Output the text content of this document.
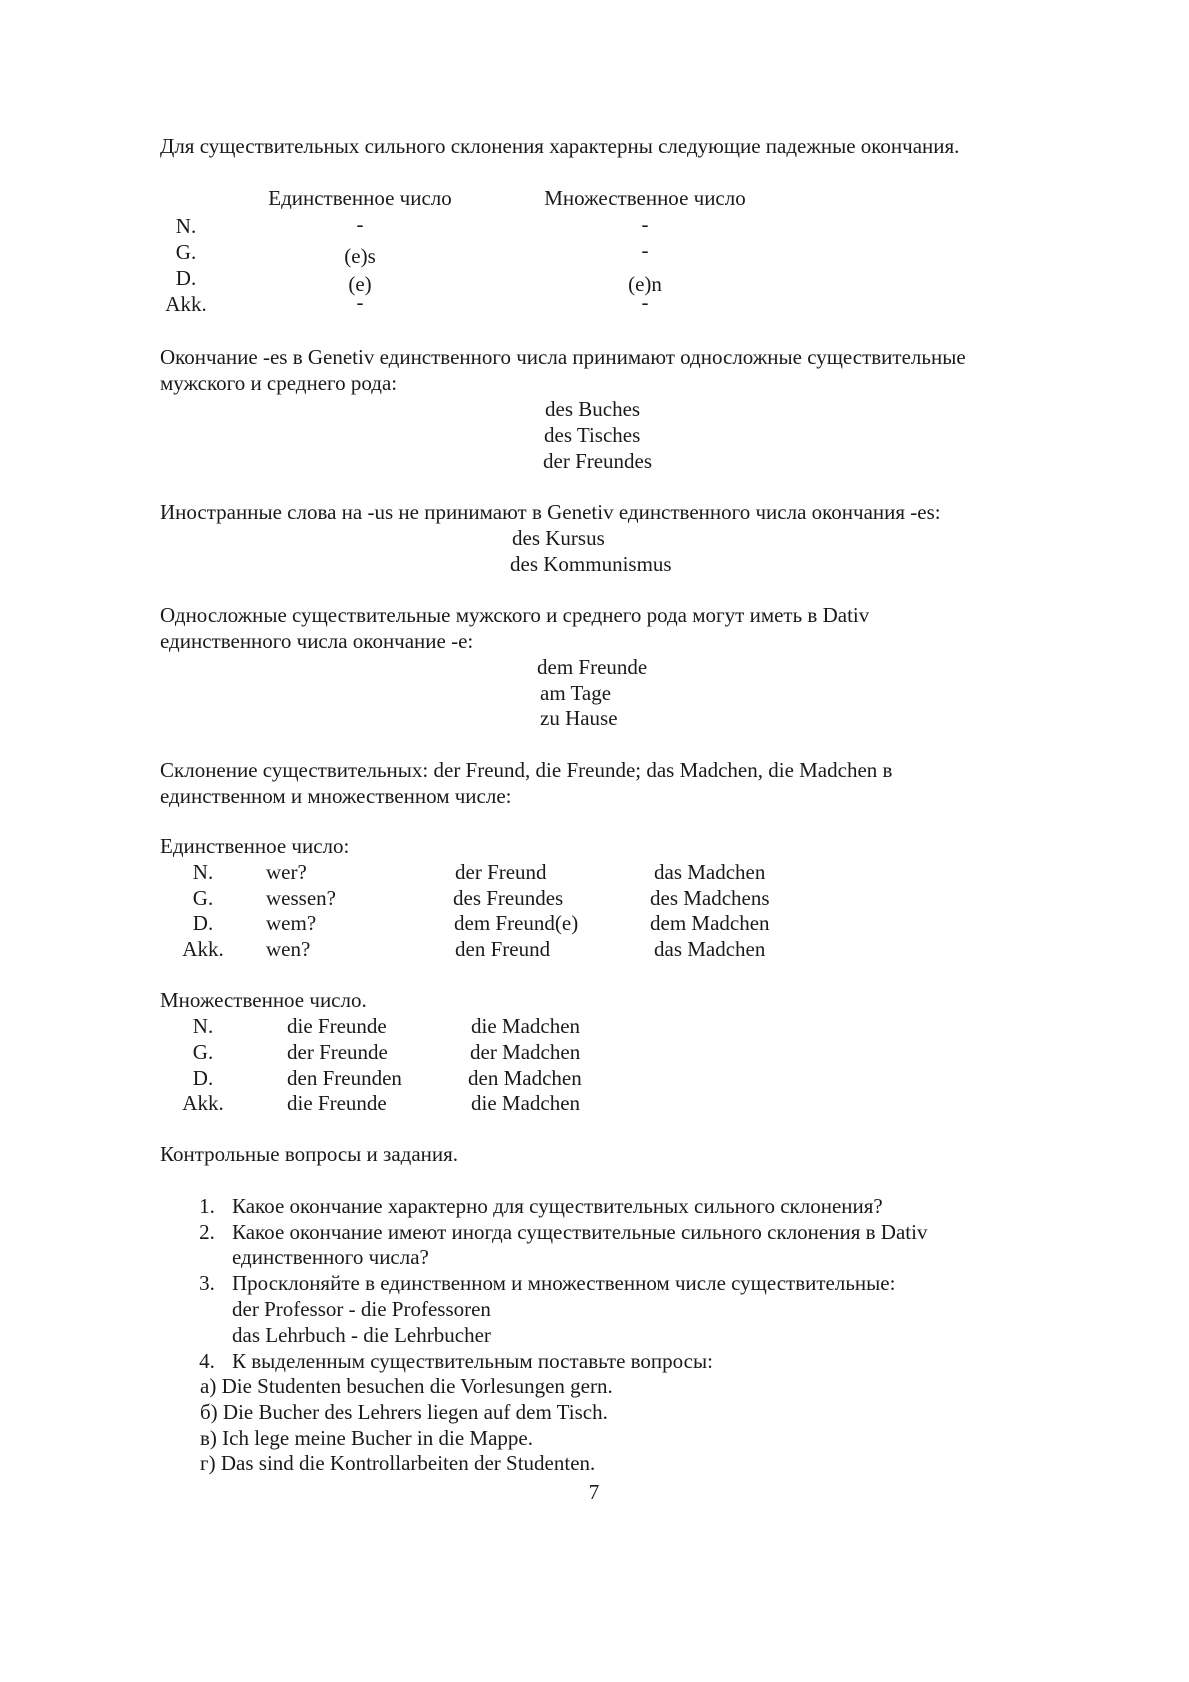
Для существительных сильного склонения характерны следующие падежные окончания.
Единственное число	Множественное число
N.	-	-
G.	(e)s	-
D.	(e)	(e)n
Akk.	-	-
Окончание -es в Genetiv единственного числа принимают односложные существительные
мужского и среднего рода:
des Buches
des Tisches
der Freundes
Иностранные слова на -us не принимают в Genetiv единственного числа окончания -es:
des Kursus
des Kommunismus
Односложные существительные мужского и среднего рода могут иметь в Dativ
единственного числа окончание -е:
dem Freunde
am Tage
zu Hause
Склонение существительных: der Freund, die Freunde; das Madchen, die Madchen в
единственном и множественном числе:
Единственное число:
N.	wer?	der Freund	das Madchen
G.	wessen?	des Freundes	des Madchens
D.	wem?	dem Freund(e)	dem Madchen
Akk. wen?	den Freund	das Madchen
Множественное число.
N.	die Freunde	die Madchen
G.	der Freunde	der Madchen
D.	den Freunden	den Madchen
Akk.	die Freunde	die Madchen
Контрольные вопросы и задания.
1. Какое окончание характерно для существительных сильного склонения?
2. Какое окончание имеют иногда существительные сильного склонения в Dativ
единственного числа?
3. Просклоняйте в единственном и множественном числе существительные:
der Professor - die Professoren
das Lehrbuch - die Lehrbucher
4. К выделенным существительным поставьте вопросы:
а) Die Studenten besuchen die Vorlesungen gern.
б) Die Bucher des Lehrers liegen auf dem Tisch.
в) Ich lege meine Bucher in die Mappe.
г) Das sind die Kontrollarbeiten der Studenten.
7
